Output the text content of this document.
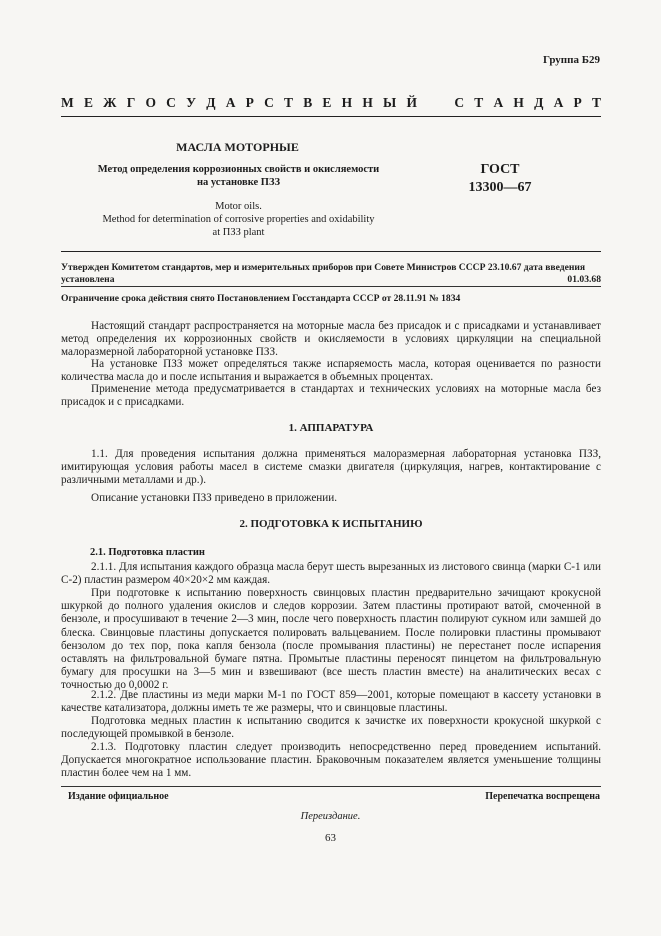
Группа Б29
М Е Ж Г О С У Д А Р С Т В Е Н Н Ы Й

	С Т А Н Д А Р Т
МАСЛА МОТОРНЫЕ
Метод определения коррозионных свойств и окисляемости
на установке ПЗЗ
ГОСТ
13300—67
Motor oils.
Method for determination of corrosive properties and oxidability
at ПЗЗ plant
Утвержден Комитетом стандартов, мер и измерительных приборов при Совете Министров СССР 23.10.67 дата введения установлена	01.03.68
Ограничение срока действия снято Постановлением Госстандарта СССР от 28.11.91 № 1834
Настоящий стандарт распространяется на моторные масла без присадок и с присадками и устанавливает метод определения их коррозионных свойств и окисляемости в условиях циркуляции на специальной малоразмерной лабораторной установке ПЗЗ.
На установке ПЗЗ может определяться также испаряемость масла, которая оценивается по разности количества масла до и после испытания и выражается в объемных процентах.
Применение метода предусматривается в стандартах и технических условиях на моторные масла без присадок и с присадками.
1. АППАРАТУРА
1.1. Для проведения испытания должна применяться малоразмерная лабораторная установка ПЗЗ, имитирующая условия работы масел в системе смазки двигателя (циркуляция, нагрев, контактирование с различными металлами и др.).
Описание установки ПЗЗ приведено в приложении.
2. ПОДГОТОВКА К ИСПЫТАНИЮ
2.1. Подготовка пластин
2.1.1. Для испытания каждого образца масла берут шесть вырезанных из листового свинца (марки С-1 или С-2) пластин размером 40×20×2 мм каждая.
При подготовке к испытанию поверхность свинцовых пластин предварительно зачищают крокусной шкуркой до полного удаления окислов и следов коррозии. Затем пластины протирают ватой, смоченной в бензоле, и просушивают в течение 2—3 мин, после чего поверхность пластин полируют сукном или замшей до блеска. Свинцовые пластины допускается полировать вальцеванием. После полировки пластины промывают бензолом до тех пор, пока капля бензола (после промывания пластины) не перестанет после испарения оставлять на фильтровальной бумаге пятна. Промытые пластины переносят пинцетом на фильтровальную бумагу для просушки на 3—5 мин и взвешивают (все шесть пластин вместе) на аналитических весах с точностью до 0,0002 г.
2.1.2. Две пластины из меди марки М-1 по ГОСТ 859—2001, которые помещают в кассету установки в качестве катализатора, должны иметь те же размеры, что и свинцовые пластины.
Подготовка медных пластин к испытанию сводится к зачистке их поверхности крокусной шкуркой с последующей промывкой в бензоле.
2.1.3. Подготовку пластин следует производить непосредственно перед проведением испытаний. Допускается многократное использование пластин. Браковочным показателем является уменьшение толщины пластин более чем на 1 мм.
Издание официальное	Перепечатка воспрещена
Переиздание.
63
